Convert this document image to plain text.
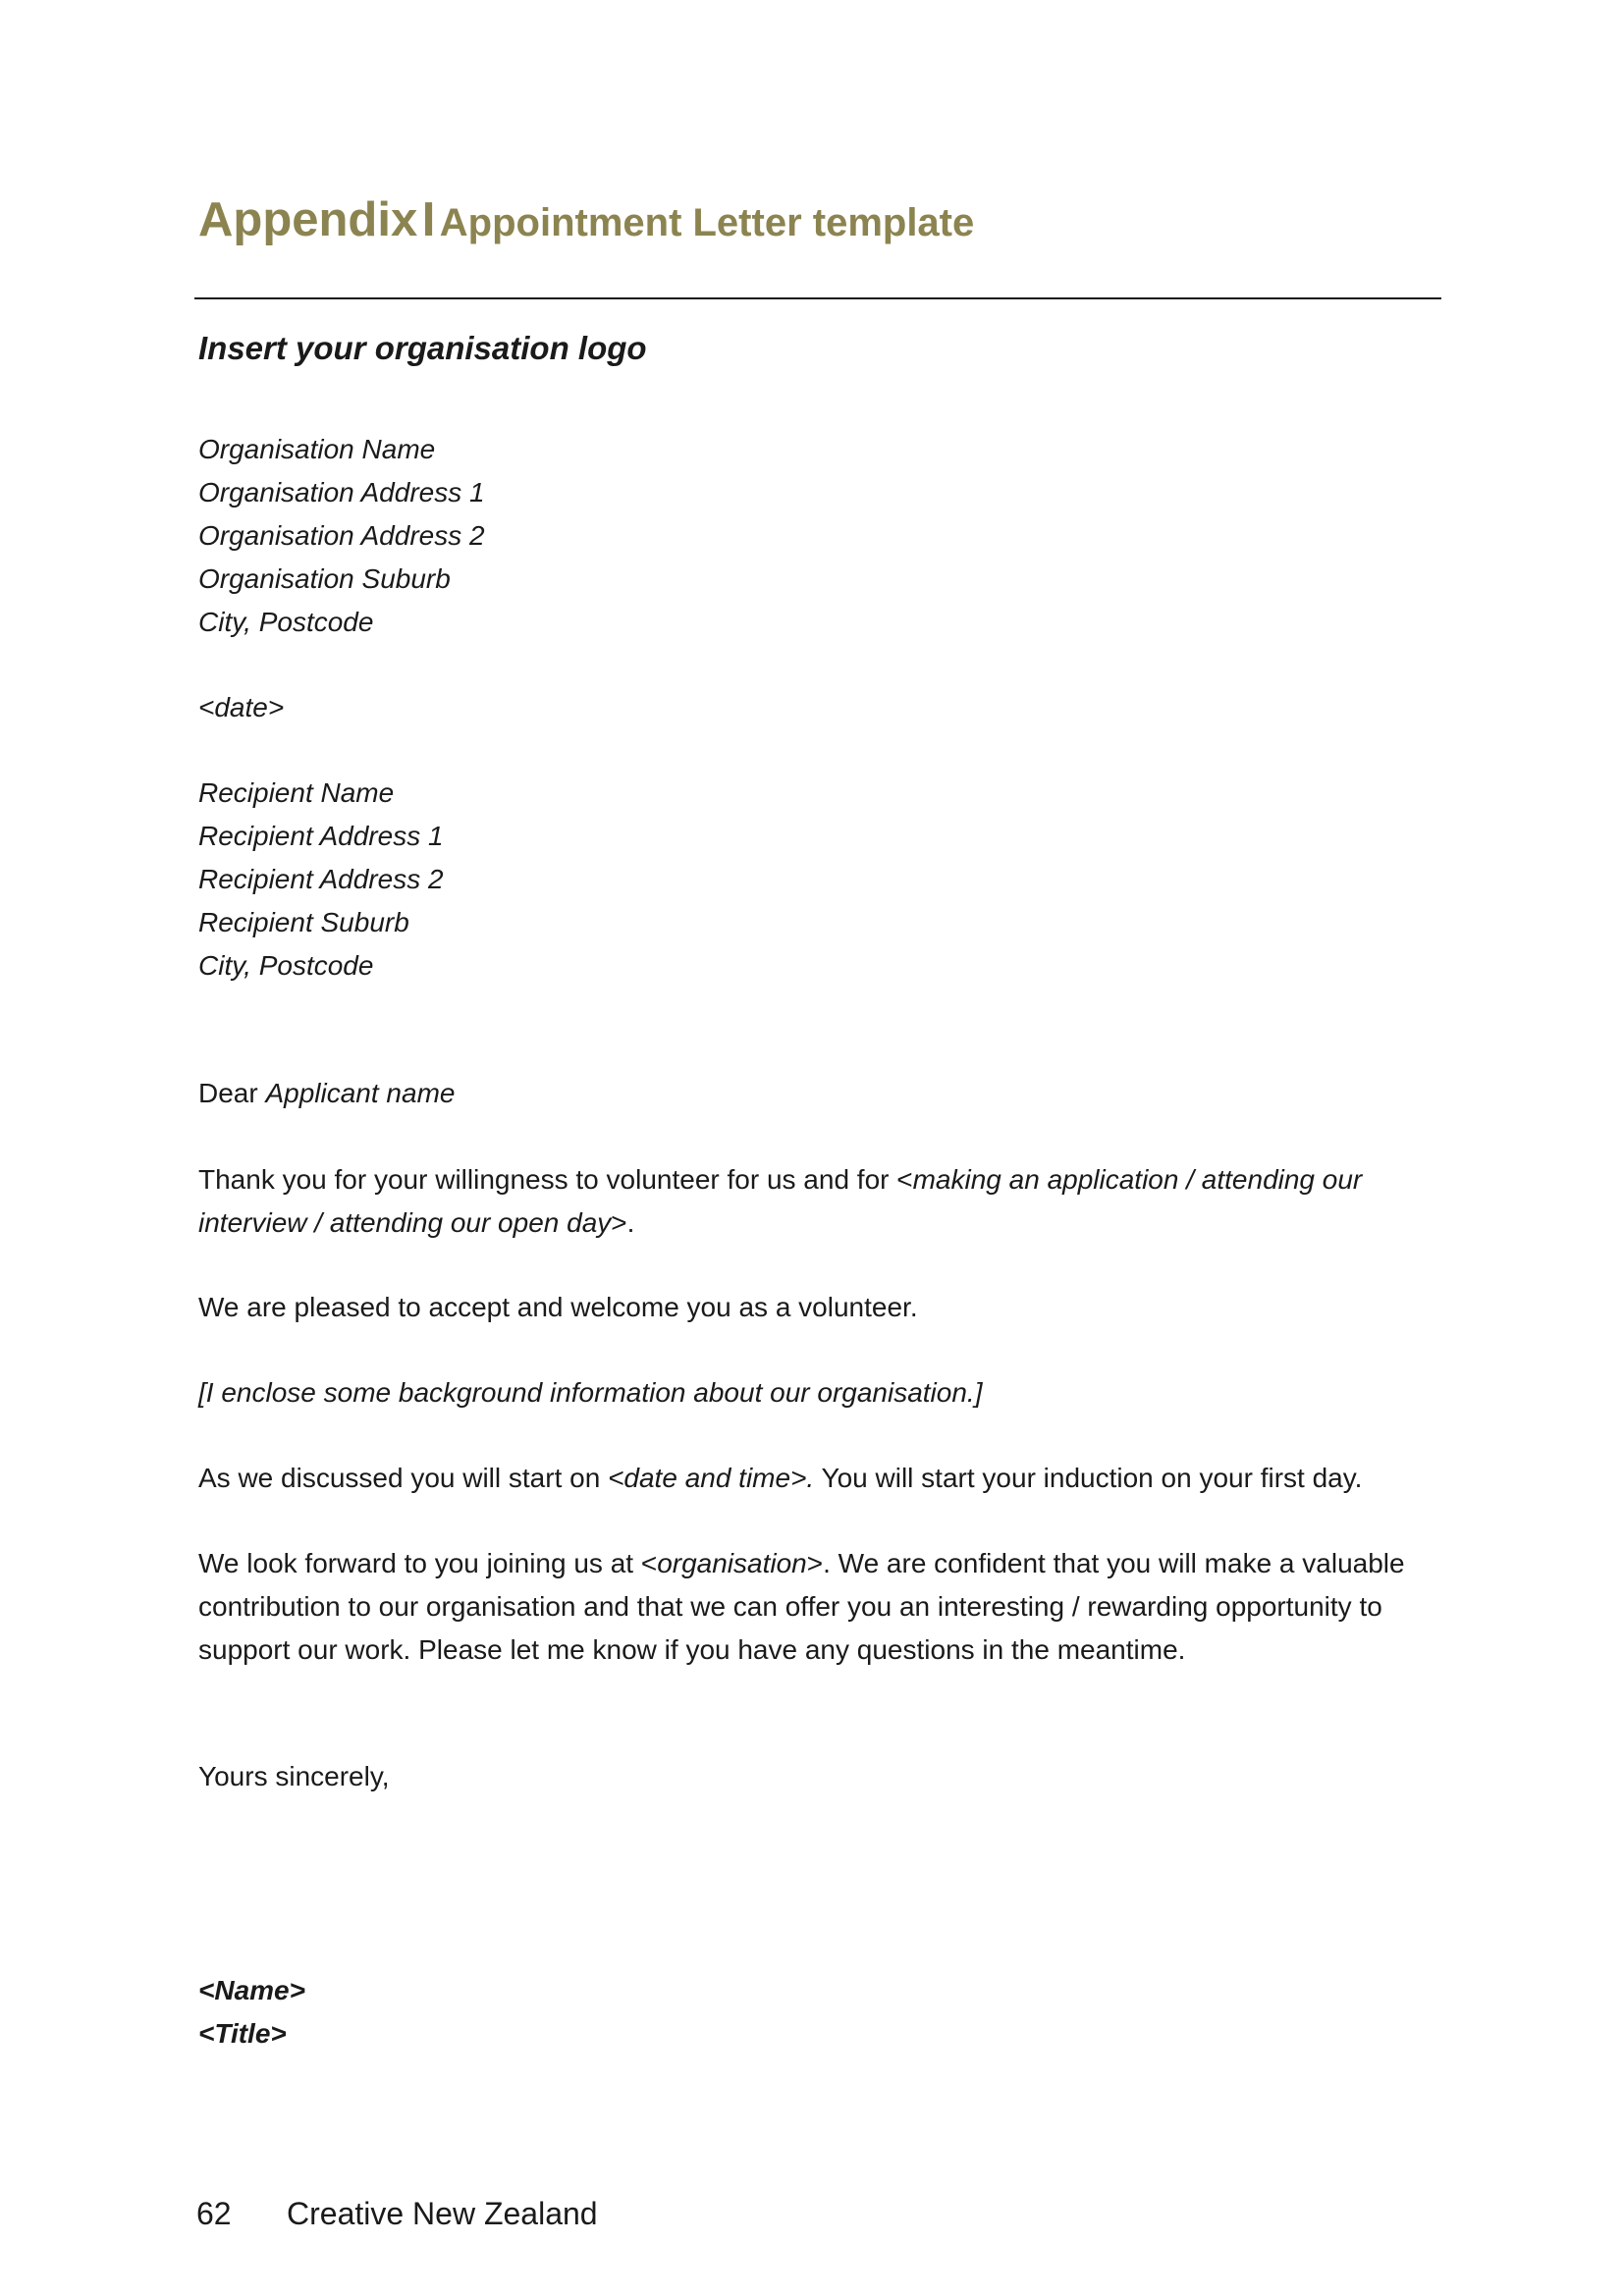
Appendix I Appointment Letter template
Insert your organisation logo
Organisation Name
Organisation Address 1
Organisation Address 2
Organisation Suburb
City, Postcode
<date>
Recipient Name
Recipient Address 1
Recipient Address 2
Recipient Suburb
City, Postcode
Dear Applicant name
Thank you for your willingness to volunteer for us and for <making an application / attending our
interview / attending our open day>.
We are pleased to accept and welcome you as a volunteer.
[I enclose some background information about our organisation.]
As we discussed you will start on <date and time>. You will start your induction on your first day.
We look forward to you joining us at <organisation>. We are confident that you will make a valuable
contribution to our organisation and that we can offer you an interesting / rewarding opportunity to
support our work. Please let me know if you have any questions in the meantime.
Yours sincerely,
<Name>
<Title>
62 Creative New Zealand
